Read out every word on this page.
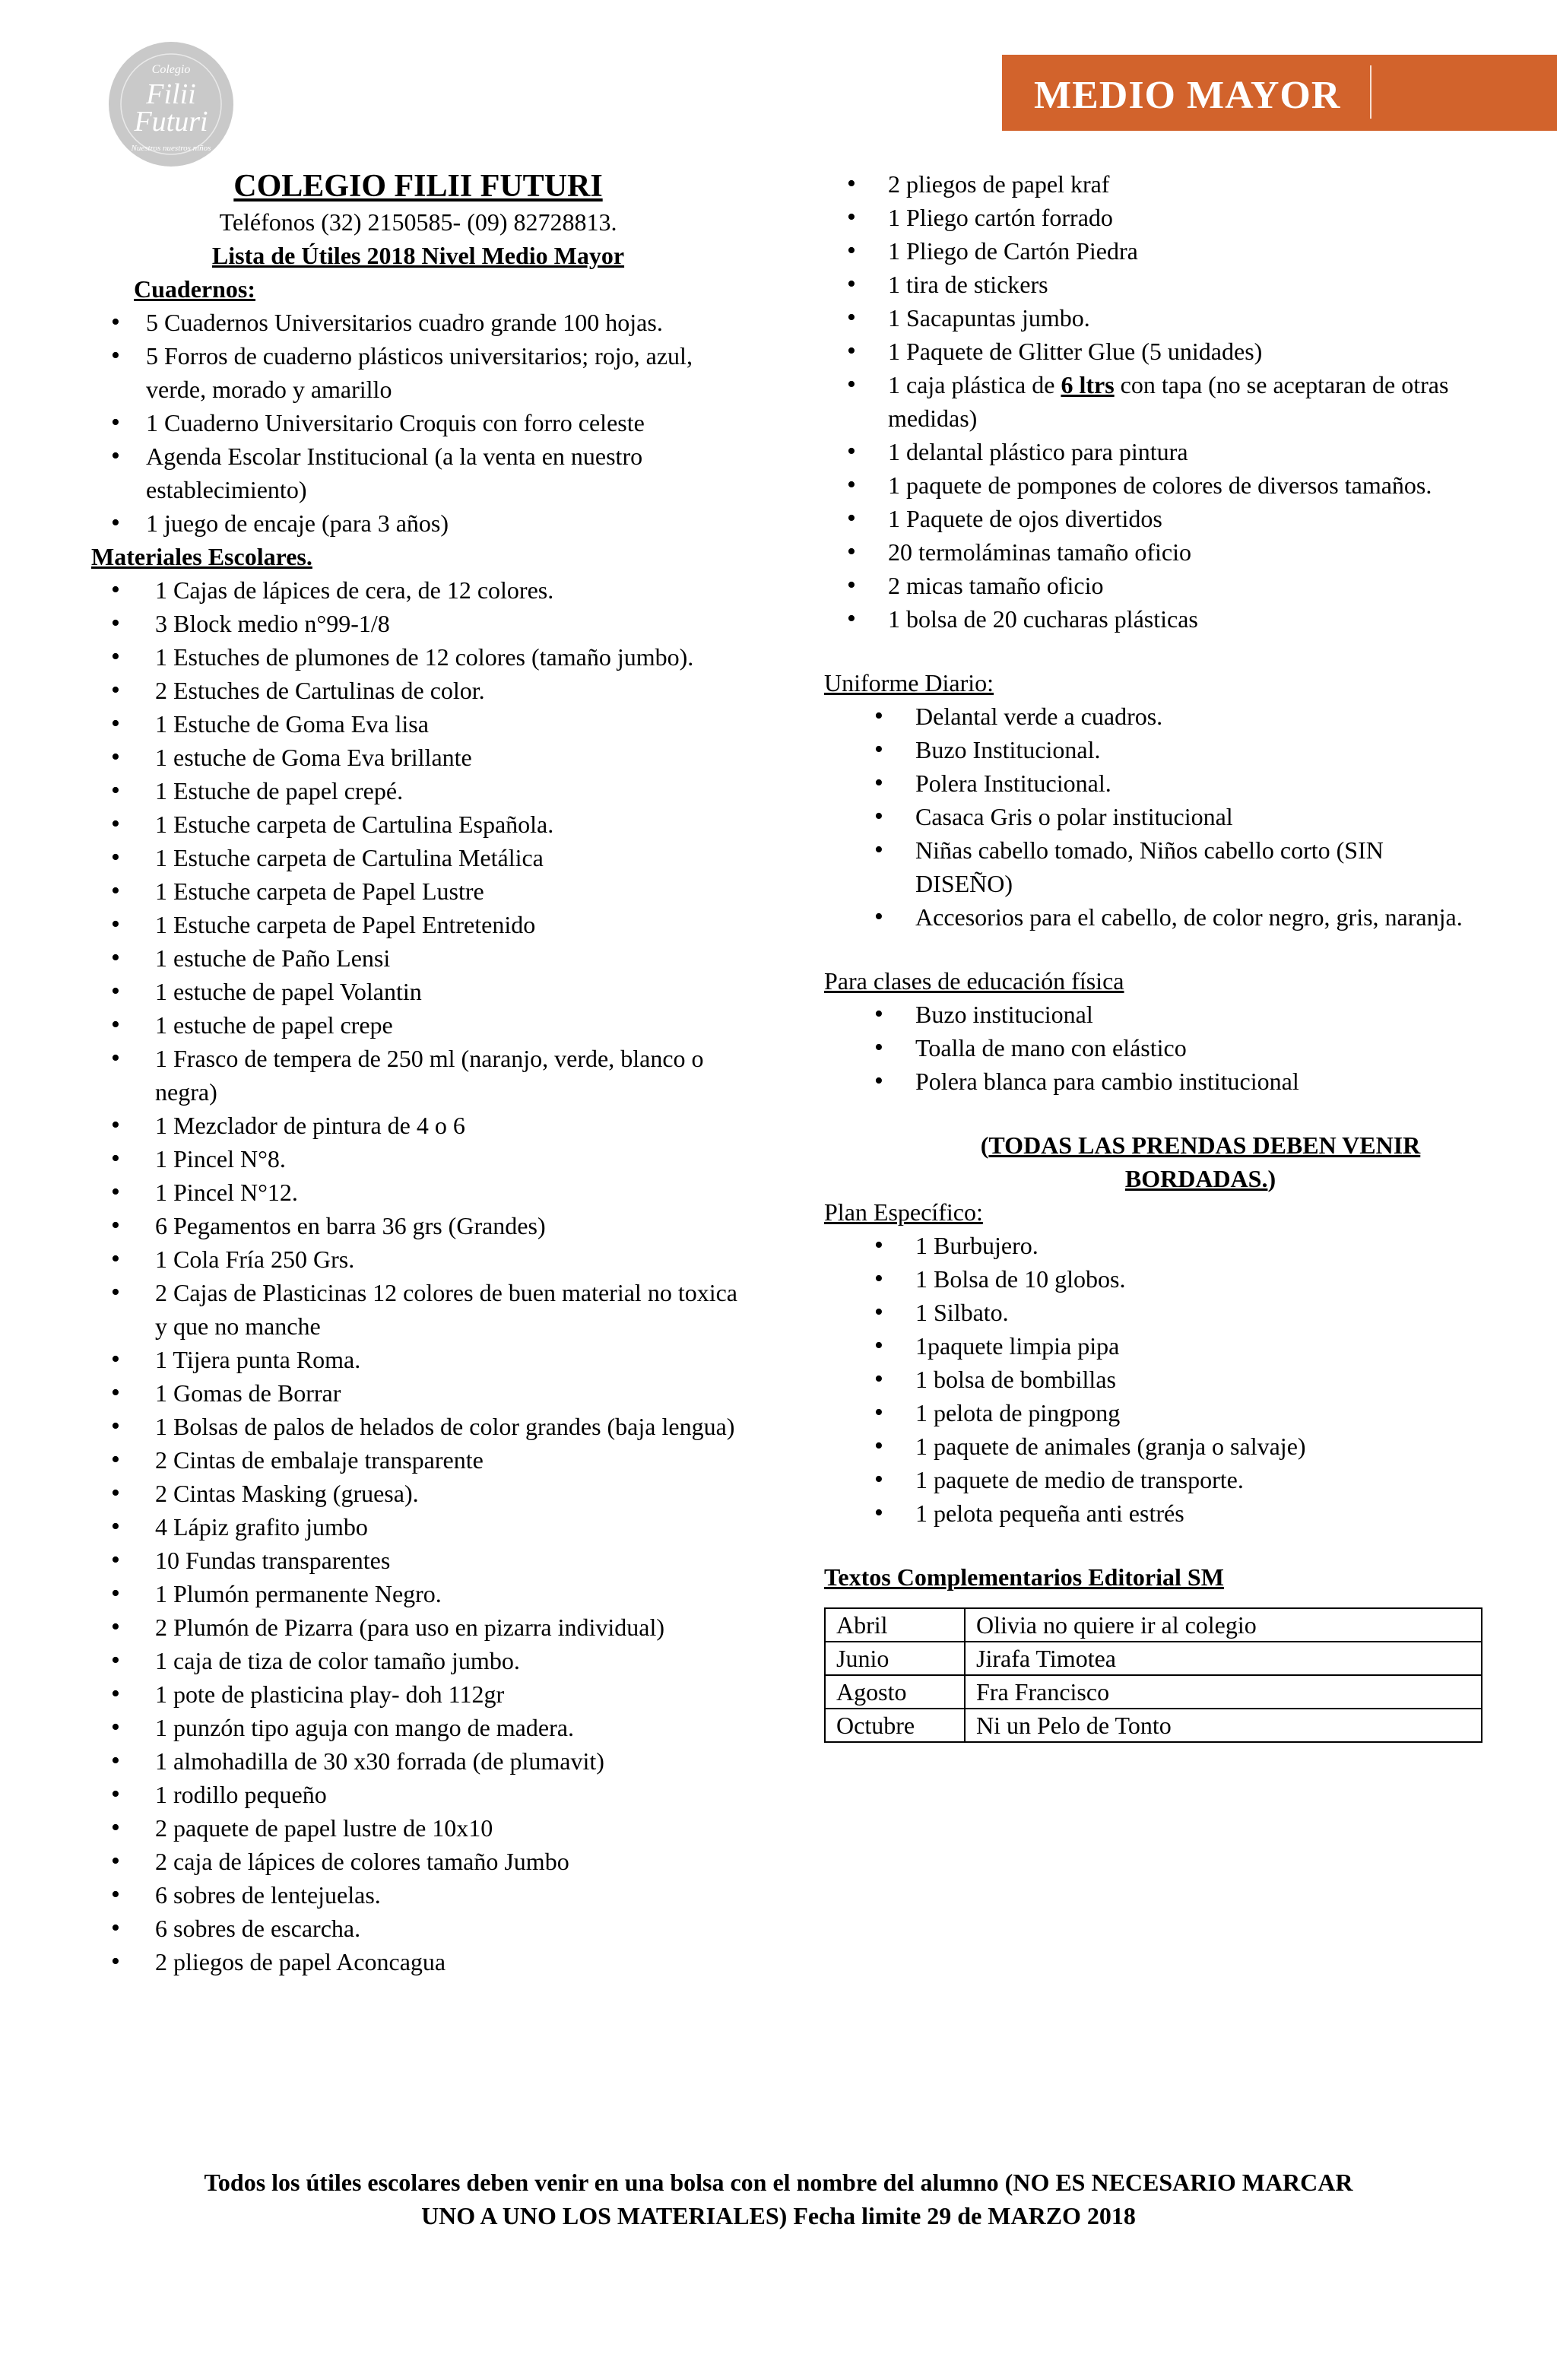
Colegio
Filii
Futuri
Nuestros nuestros niños
MEDIO MAYOR
COLEGIO FILII FUTURI
Teléfonos (32) 2150585- (09) 82728813.
Lista de Útiles 2018 Nivel Medio Mayor
Cuadernos:
• 5 Cuadernos Universitarios cuadro grande 100 hojas.
• 5 Forros de cuaderno plásticos universitarios; rojo, azul, verde, morado y amarillo
• 1 Cuaderno Universitario Croquis con forro celeste
• Agenda Escolar Institucional (a la venta en nuestro establecimiento)
• 1 juego de encaje (para 3 años)
Materiales Escolares.
• 1 Cajas de lápices de cera, de 12 colores.
• 3 Block medio n°99-1/8
• 1 Estuches de plumones de 12 colores (tamaño jumbo).
• 2 Estuches de Cartulinas de color.
• 1 Estuche de Goma Eva lisa
• 1 estuche de Goma Eva brillante
• 1 Estuche de papel crepé.
• 1 Estuche carpeta de Cartulina Española.
• 1 Estuche carpeta de Cartulina Metálica
• 1 Estuche carpeta de Papel Lustre
• 1 Estuche carpeta de Papel Entretenido
• 1 estuche de Paño Lensi
• 1 estuche de papel Volantin
• 1 estuche de papel crepe
• 1 Frasco de tempera de 250 ml (naranjo, verde, blanco o negra)
• 1 Mezclador de pintura de 4 o 6
• 1 Pincel N°8.
• 1 Pincel N°12.
• 6 Pegamentos en barra 36 grs (Grandes)
• 1 Cola Fría 250 Grs.
• 2 Cajas de Plasticinas 12 colores de buen material no toxica y que no manche
• 1 Tijera punta Roma.
• 1 Gomas de Borrar
• 1 Bolsas de palos de helados de color grandes (baja lengua)
• 2 Cintas de embalaje transparente
• 2 Cintas Masking (gruesa).
• 4 Lápiz grafito jumbo
• 10 Fundas transparentes
• 1 Plumón permanente Negro.
• 2 Plumón de Pizarra (para uso en pizarra individual)
• 1 caja de tiza de color tamaño jumbo.
• 1 pote de plasticina play- doh 112gr
• 1 punzón tipo aguja con mango de madera.
• 1 almohadilla de 30 x30 forrada (de plumavit)
• 1 rodillo pequeño
• 2 paquete de papel lustre de 10x10
• 2 caja de lápices de colores tamaño Jumbo
• 6 sobres de lentejuelas.
• 6 sobres de escarcha.
• 2 pliegos de papel Aconcagua
• 2 pliegos de papel kraf
• 1 Pliego cartón forrado
• 1 Pliego de Cartón Piedra
• 1 tira de stickers
• 1 Sacapuntas jumbo.
• 1 Paquete de Glitter Glue (5 unidades)
• 1 caja plástica de 6 ltrs con tapa (no se aceptaran de otras medidas)
• 1 delantal plástico para pintura
• 1 paquete de pompones de colores de diversos tamaños.
• 1 Paquete de ojos divertidos
• 20 termoláminas tamaño oficio
• 2 micas tamaño oficio
• 1 bolsa de 20 cucharas plásticas
Uniforme Diario:
• Delantal verde a cuadros.
• Buzo Institucional.
• Polera Institucional.
• Casaca Gris o polar institucional
• Niñas cabello tomado, Niños cabello corto (SIN DISEÑO)
• Accesorios para el cabello, de color negro, gris, naranja.
Para clases de educación física
• Buzo institucional
• Toalla de mano con elástico
• Polera blanca para cambio institucional
(TODAS LAS PRENDAS DEBEN VENIR BORDADAS.)
Plan Específico:
• 1 Burbujero.
• 1 Bolsa de 10 globos.
• 1 Silbato.
• 1paquete limpia pipa
• 1 bolsa de bombillas
• 1 pelota de pingpong
• 1 paquete de animales (granja o salvaje)
• 1 paquete de medio de transporte.
• 1 pelota pequeña anti estrés
Textos Complementarios Editorial SM
Abril	Olivia no quiere ir al colegio
Junio	Jirafa Timotea
Agosto	Fra Francisco
Octubre	Ni un Pelo de Tonto
Todos los útiles escolares deben venir en una bolsa con el nombre del alumno (NO ES NECESARIO MARCAR
UNO A UNO LOS MATERIALES) Fecha limite 29 de MARZO 2018
